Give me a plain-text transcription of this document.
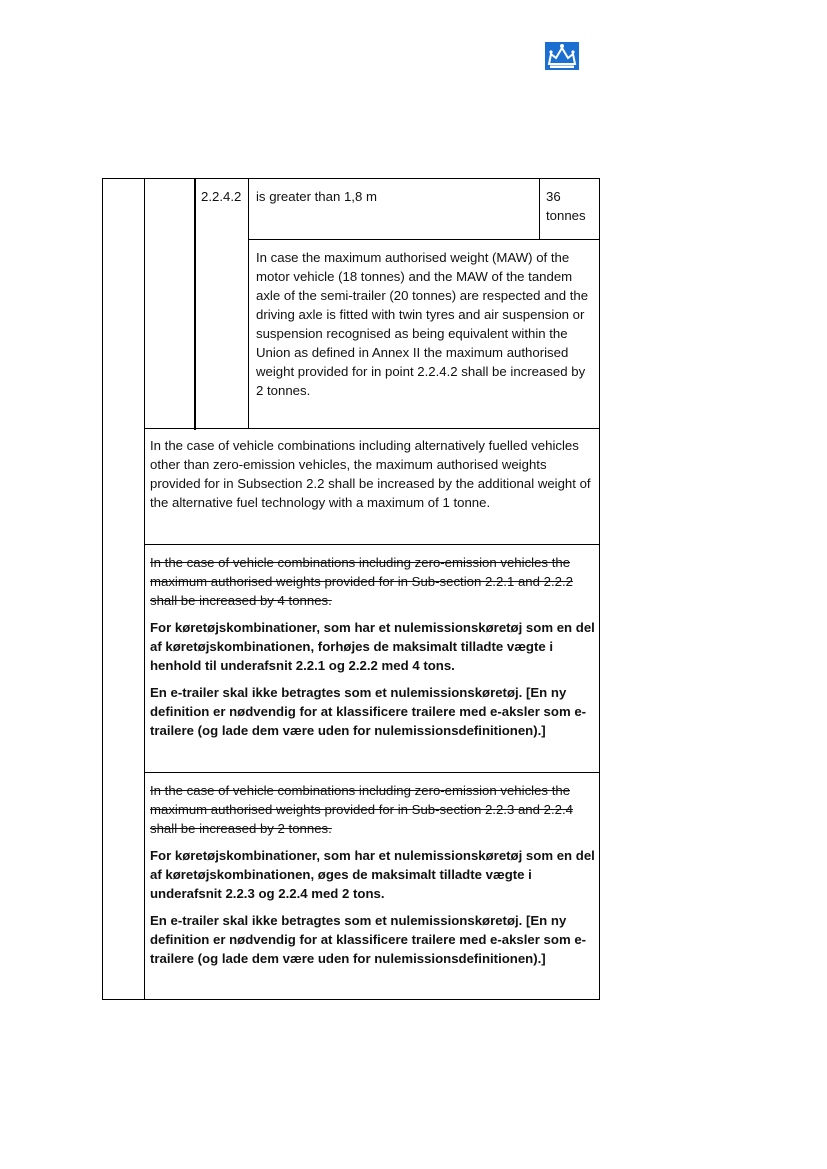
2.2.4.2 is greater than 1,8 m	36 tonnes
In case the maximum authorised weight (MAW) of the motor vehicle (18 tonnes) and the MAW of the tandem axle of the semi-trailer (20 tonnes) are respected and the driving axle is fitted with twin tyres and air suspension or suspension recognised as being equivalent within the Union as defined in Annex II the maximum authorised weight provided for in point 2.2.4.2 shall be increased by 2 tonnes.
In the case of vehicle combinations including alternatively fuelled vehicles other than zero-emission vehicles, the maximum authorised weights provided for in Subsection 2.2 shall be increased by the additional weight of the alternative fuel technology with a maximum of 1 tonne.

In the case of vehicle combinations including zero-emission vehicles the maximum authorised weights provided for in Sub-section 2.2.1 and 2.2.2 shall be increased by 4 tonnes.

For køretøjskombinationer, som har et nulemissionskøretøj som en del af køretøjskombinationen, forhøjes de maksimalt tilladte vægte i henhold til underafsnit 2.2.1 og 2.2.2 med 4 tons.

En e-trailer skal ikke betragtes som et nulemissionskøretøj. [En ny definition er nødvendig for at klassificere trailere med e-aksler som e-trailere (og lade dem være uden for nulemissionsdefinitionen).]

In the case of vehicle combinations including zero-emission vehicles the maximum authorised weights provided for in Sub-section 2.2.3 and 2.2.4 shall be increased by 2 tonnes.

For køretøjskombinationer, som har et nulemissionskøretøj som en del af køretøjskombinationen, øges de maksimalt tilladte vægte i underafsnit 2.2.3 og 2.2.4 med 2 tons.

En e-trailer skal ikke betragtes som et nulemissionskøretøj. [En ny definition er nødvendig for at klassificere trailere med e-aksler som e-trailere (og lade dem være uden for nulemissionsdefinitionen).]
